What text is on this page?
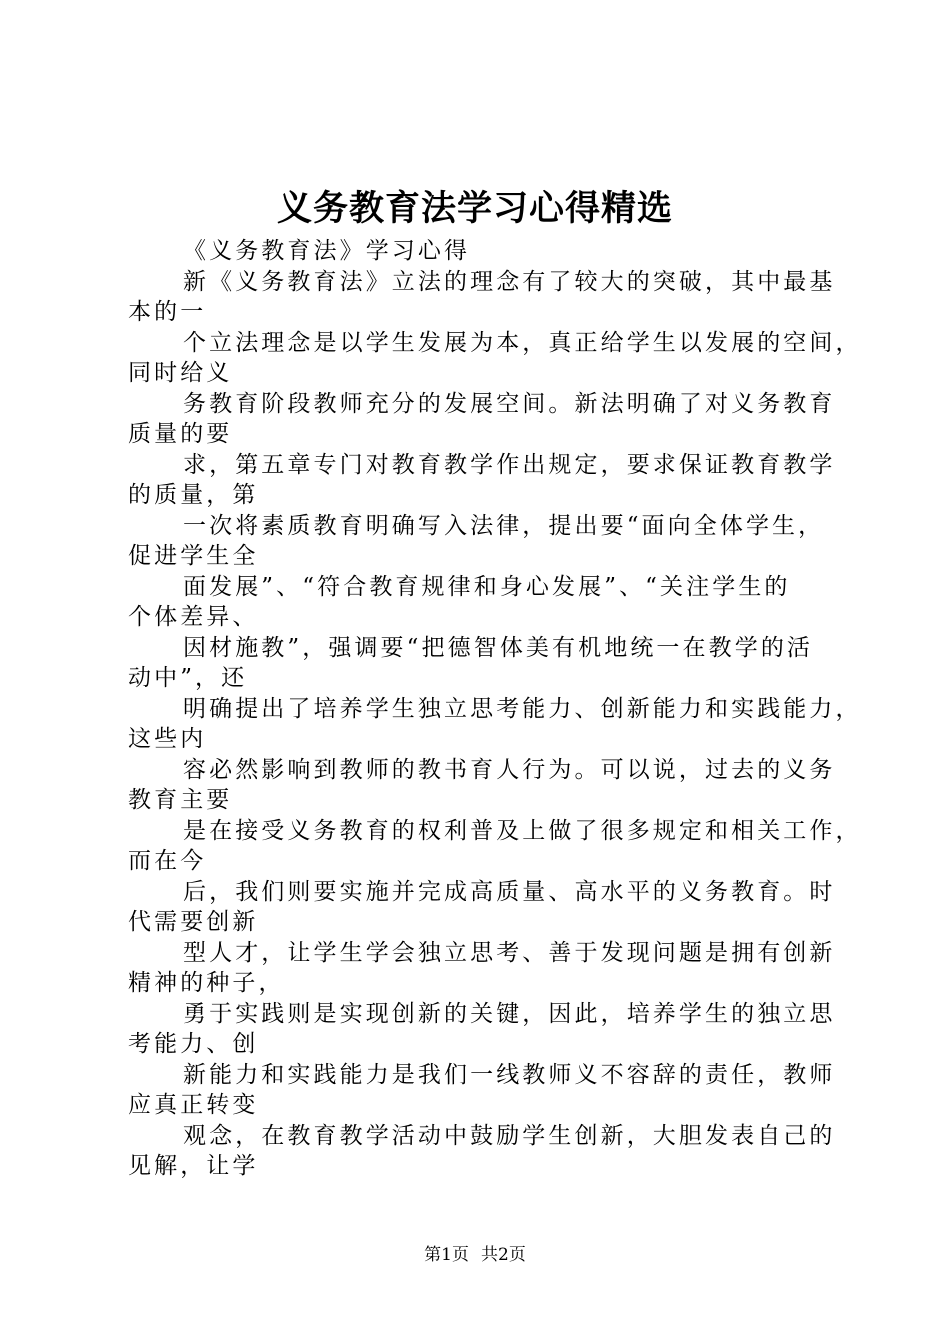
义务教育法学习心得精选
《义务教育法》学习心得
新《义务教育法》立法的理念有了较大的突破，其中最基
本的一
个立法理念是以学生发展为本，真正给学生以发展的空间，
同时给义
务教育阶段教师充分的发展空间。新法明确了对义务教育
质量的要
求，第五章专门对教育教学作出规定，要求保证教育教学
的质量，第
一次将素质教育明确写入法律，提出要“面向全体学生，
促进学生全
面发展”、“符合教育规律和身心发展”、“关注学生的
个体差异、
因材施教”，强调要“把德智体美有机地统一在教学的活
动中”，还
明确提出了培养学生独立思考能力、创新能力和实践能力，
这些内
容必然影响到教师的教书育人行为。可以说，过去的义务
教育主要
是在接受义务教育的权利普及上做了很多规定和相关工作，
而在今
后，我们则要实施并完成高质量、高水平的义务教育。时
代需要创新
型人才，让学生学会独立思考、善于发现问题是拥有创新
精神的种子，
勇于实践则是实现创新的关键，因此，培养学生的独立思
考能力、创
新能力和实践能力是我们一线教师义不容辞的责任，教师
应真正转变
观念，在教育教学活动中鼓励学生创新，大胆发表自己的
见解，让学
第1页 共2页
